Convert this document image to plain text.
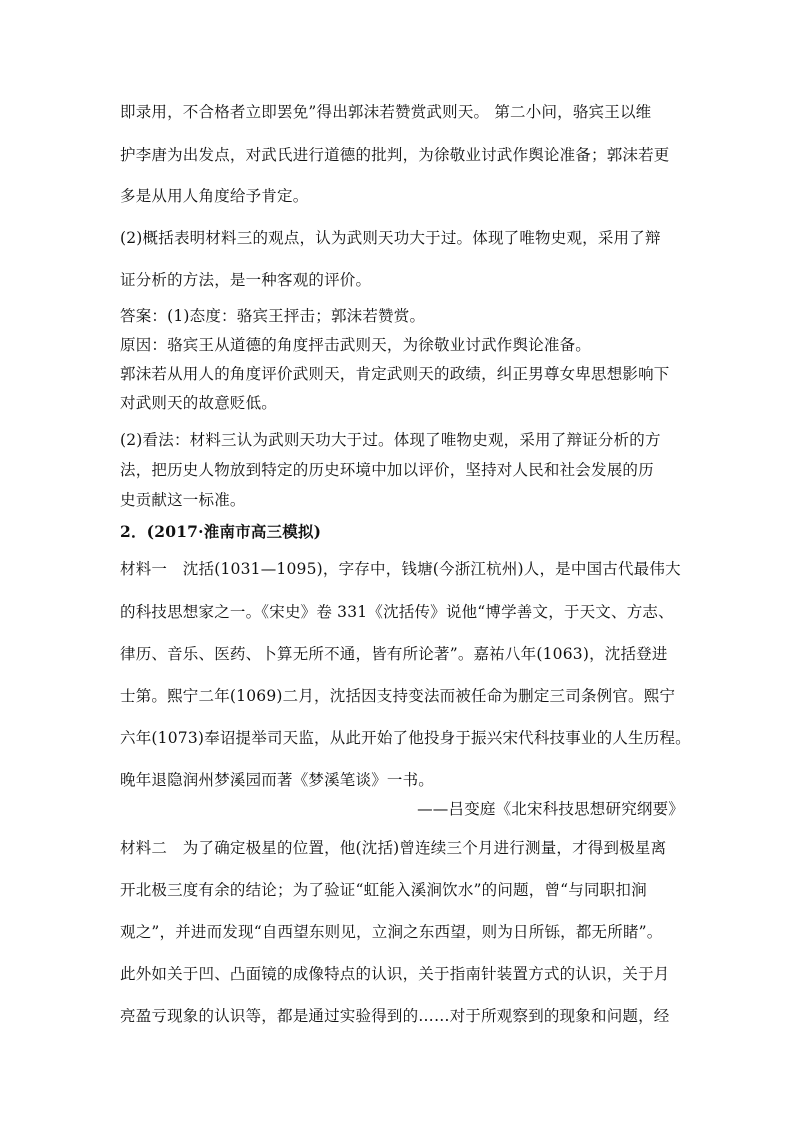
即录用，不合格者立即罢免”得出郭沫若赞赏武则天。 第二小问，骆宾王以维
护李唐为出发点，对武氏进行道德的批判，为徐敬业讨武作舆论准备；郭沫若更
多是从用人角度给予肯定。
(2)概括表明材料三的观点，认为武则天功大于过。体现了唯物史观，采用了辩
证分析的方法，是一种客观的评价。
答案：(1)态度：骆宾王抨击；郭沫若赞赏。
原因：骆宾王从道德的角度抨击武则天，为徐敬业讨武作舆论准备。
郭沫若从用人的角度评价武则天，肯定武则天的政绩，纠正男尊女卑思想影响下
对武则天的故意贬低。
(2)看法：材料三认为武则天功大于过。体现了唯物史观，采用了辩证分析的方
法，把历史人物放到特定的历史环境中加以评价，坚持对人民和社会发展的历
史贡献这一标准。
2．(2017·淮南市高三模拟)
材料一　沈括(1031—1095)，字存中，钱塘(今浙江杭州)人，是中国古代最伟大
的科技思想家之一。《宋史》卷 331《沈括传》说他“博学善文，于天文、方志、
律历、音乐、医药、卜算无所不通，皆有所论著”。嘉祐八年(1063)，沈括登进
士第。熙宁二年(1069)二月，沈括因支持变法而被任命为删定三司条例官。熙宁
六年(1073)奉诏提举司天监，从此开始了他投身于振兴宋代科技事业的人生历程。
晚年退隐润州梦溪园而著《梦溪笔谈》一书。
——吕变庭《北宋科技思想研究纲要》
材料二　为了确定极星的位置，他(沈括)曾连续三个月进行测量，才得到极星离
开北极三度有余的结论；为了验证“虹能入溪涧饮水”的问题，曾“与同职扣涧
观之”，并进而发现“自西望东则见，立涧之东西望，则为日所铄，都无所睹”。
此外如关于凹、凸面镜的成像特点的认识，关于指南针装置方式的认识，关于月
亮盈亏现象的认识等，都是通过实验得到的……对于所观察到的现象和问题，经
